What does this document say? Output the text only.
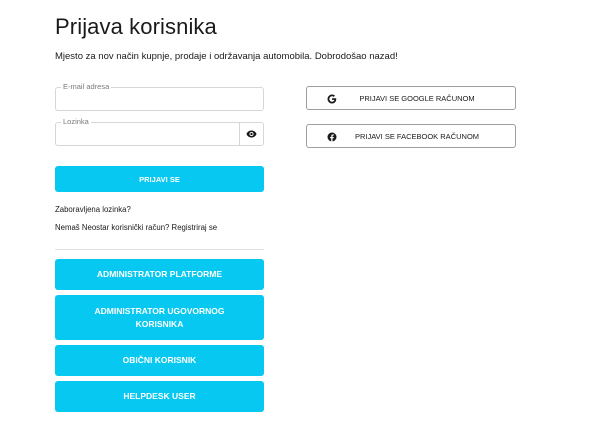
Prijava korisnika
Mjesto za nov način kupnje, prodaje i održavanja automobila. Dobrodošao nazad!
E-mail adresa
Lozinka
PRIJAVI SE
Zaboravljena lozinka?
Nemaš Neostar korisnički račun? Registriraj se
ADMINISTRATOR PLATFORME
ADMINISTRATOR UGOVORNOG KORISNIKA
OBIČNI KORISNIK
HELPDESK USER
PRIJAVI SE GOOGLE RAČUNOM
PRIJAVI SE FACEBOOK RAČUNOM
